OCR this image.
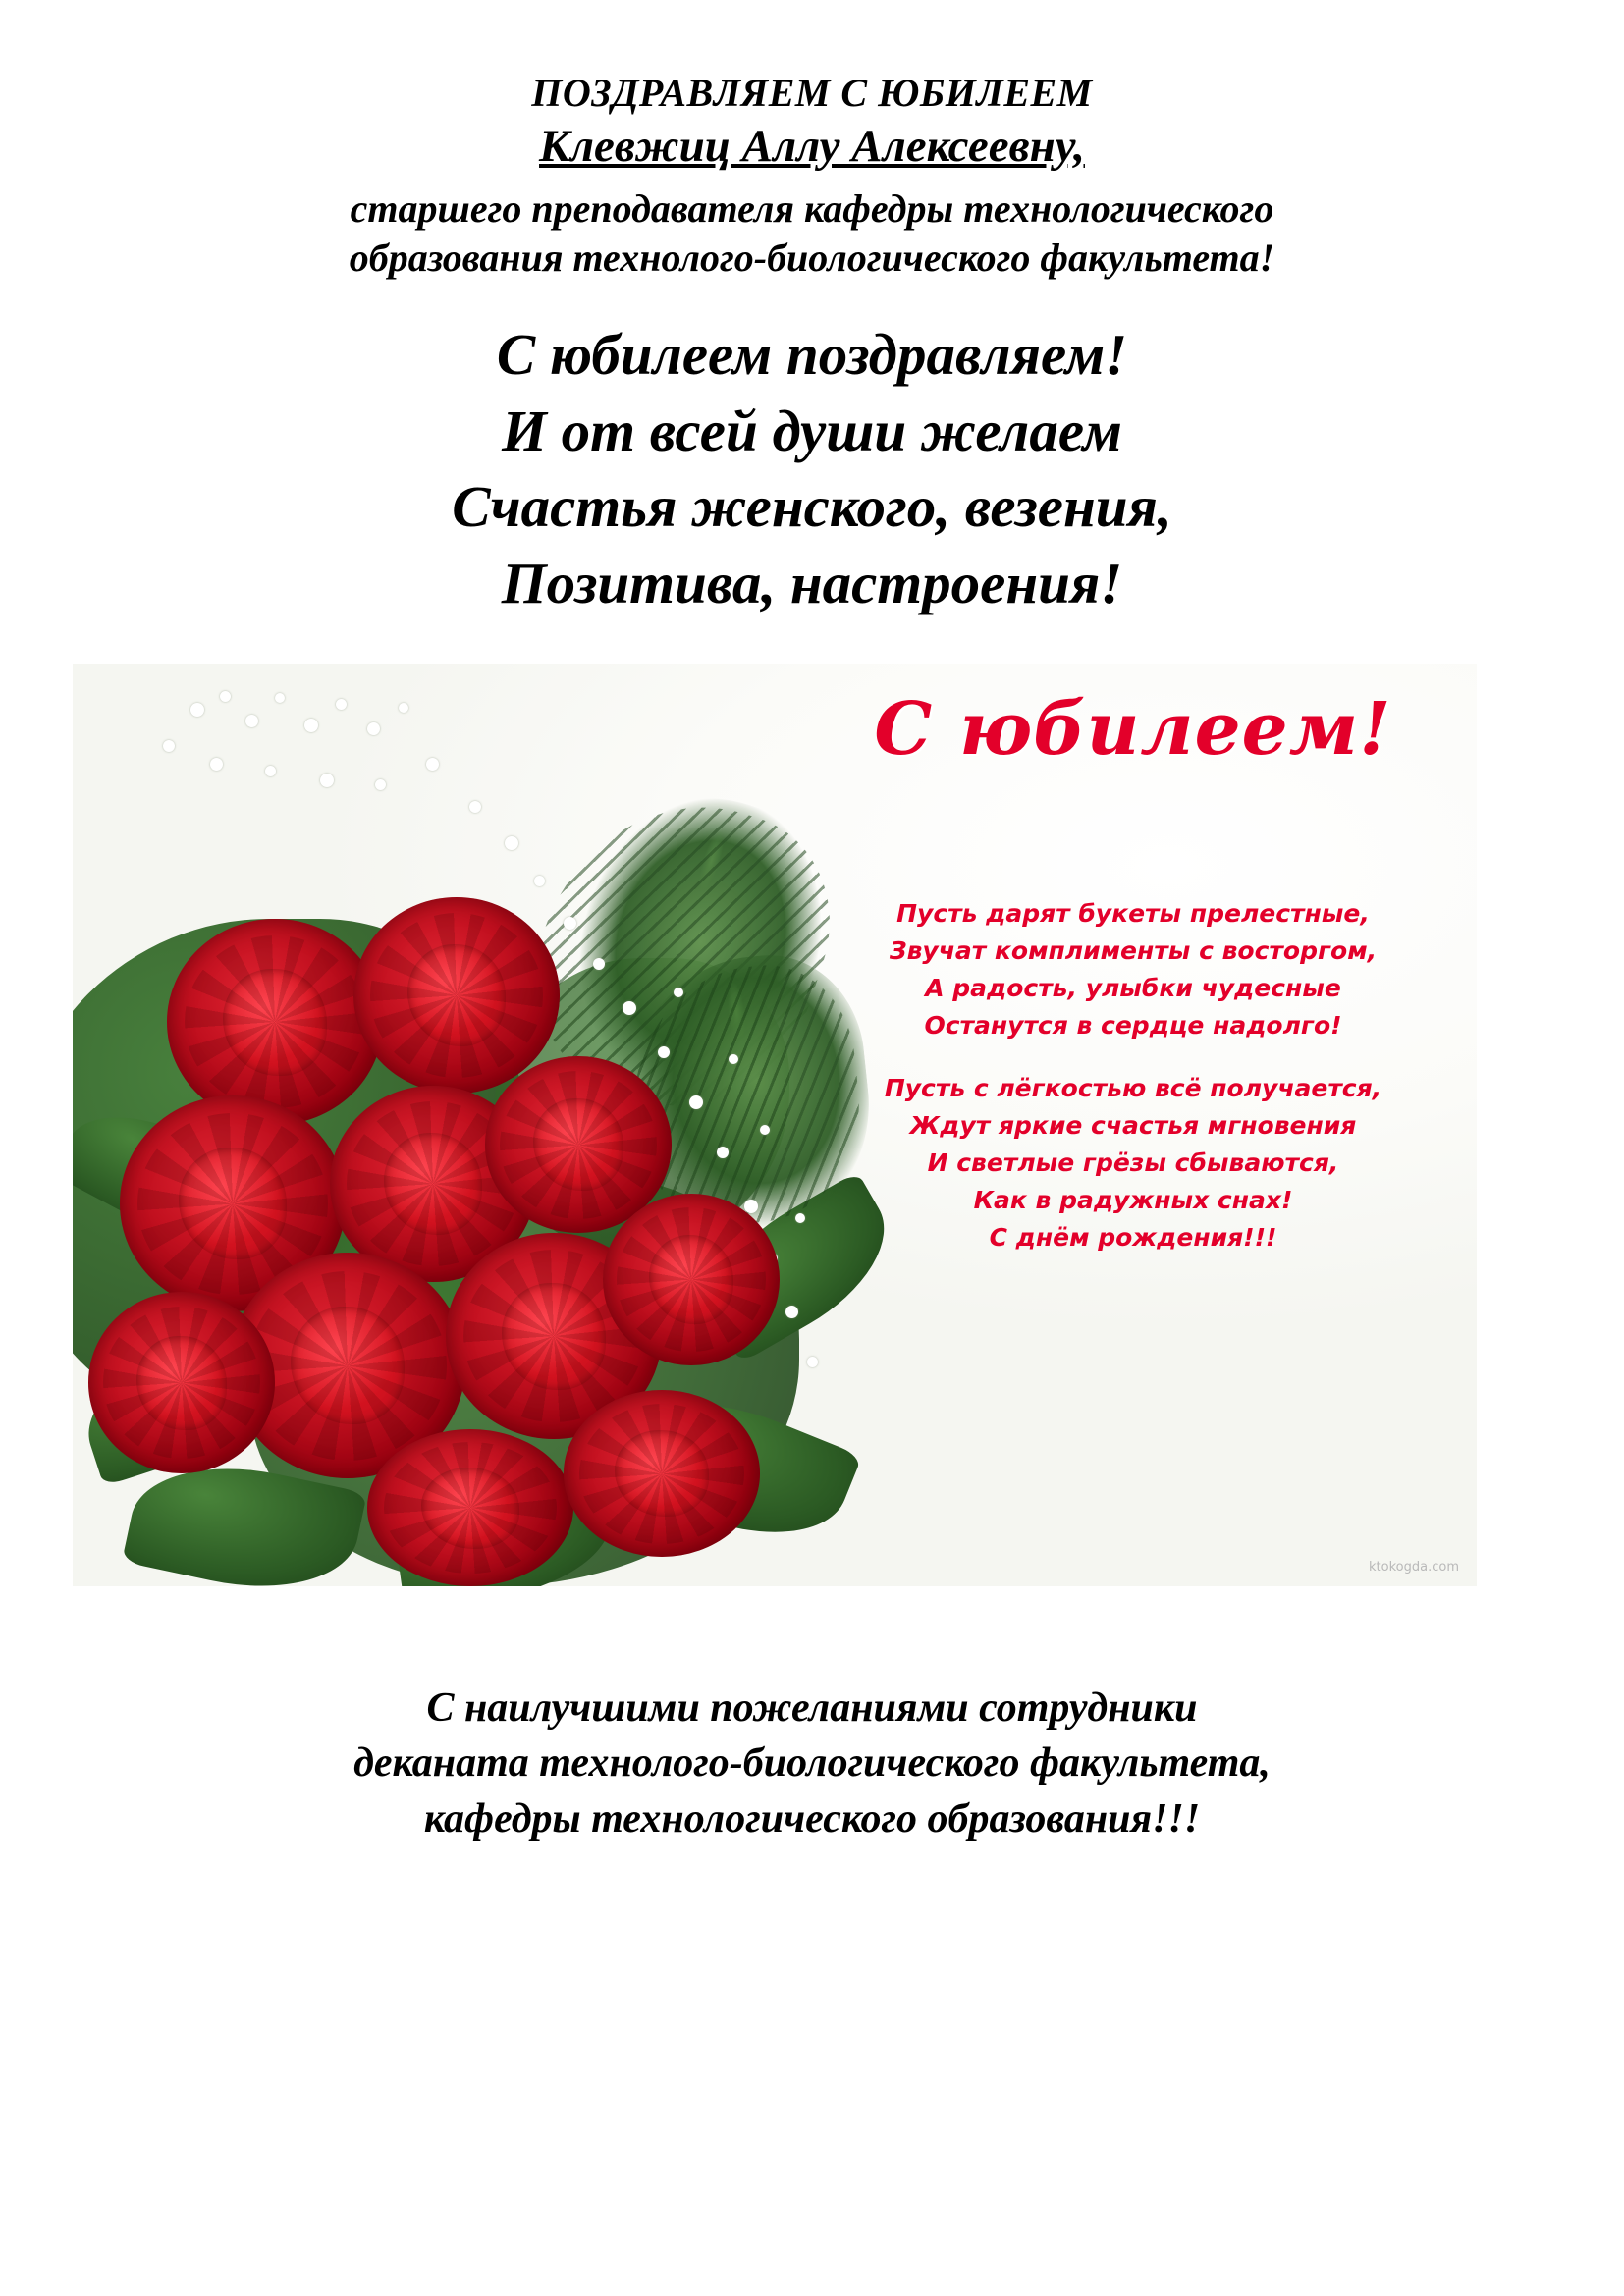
ПОЗДРАВЛЯЕМ С ЮБИЛЕЕМ
Клевжиц Аллу Алексеевну,
старшего преподавателя кафедры технологического
образования технолого-биологического факультета!
С юбилеем поздравляем!
И от всей души желаем
Счастья женского, везения,
Позитива, настроения!
С юбилеем!
Пусть дарят букеты прелестные,
Звучат комплименты с восторгом,
А радость, улыбки чудесные
Останутся в сердце надолго!
Пусть с лёгкостью всё получается,
Ждут яркие счастья мгновения
И светлые грёзы сбываются,
Как в радужных снах!
С днём рождения!!!
ktokogda.com
С наилучшими пожеланиями сотрудники
деканата технолого-биологического факультета,
кафедры технологического образования!!!
